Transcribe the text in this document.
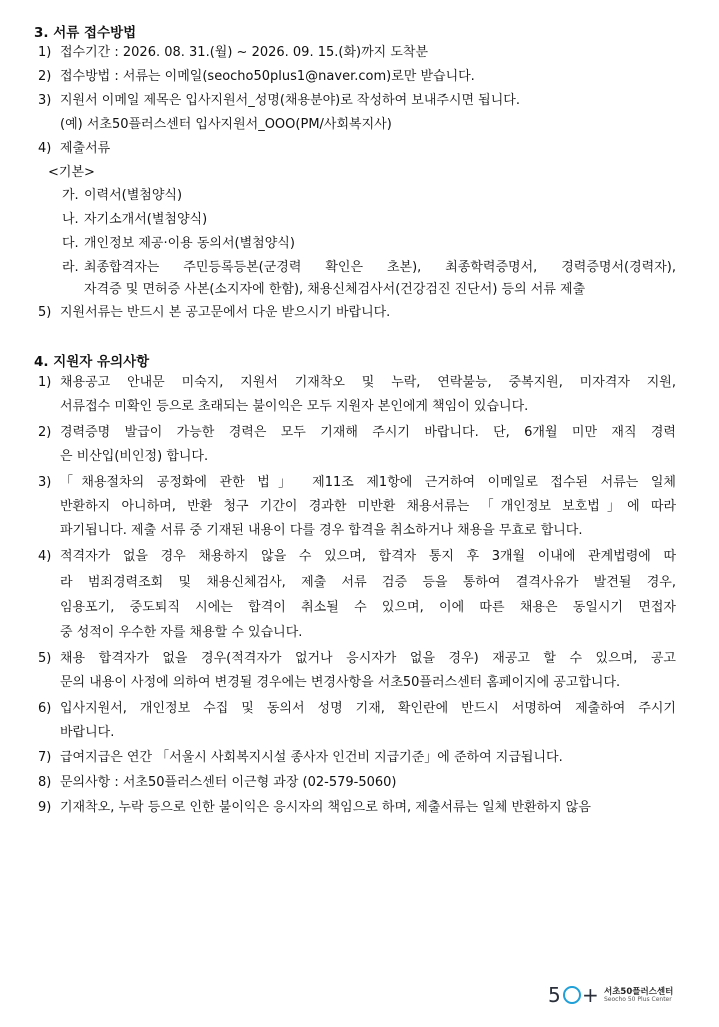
3. 서류 접수방법
1) 접수기간 : 2026. 08. 31.(월) ~ 2026. 09. 15.(화)까지 도착분
2) 접수방법 : 서류는 이메일(seocho50plus1@naver.com)로만 받습니다.
3) 지원서 이메일 제목은 입사지원서_성명(채용분야)로 작성하여 보내주시면 됩니다.
(예) 서초50플러스센터 입사지원서_OOO(PM/사회복지사)
4) 제출서류
<기본>
가. 이력서(별첨양식)
나. 자기소개서(별첨양식)
다. 개인정보 제공·이용 동의서(별첨양식)
라. 최종합격자는 주민등록등본(군경력 확인은 초본), 최종학력증명서, 경력증명서(경력자),
자격증 및 면허증 사본(소지자에 한함), 채용신체검사서(건강검진 진단서) 등의 서류 제출
5) 지원서류는 반드시 본 공고문에서 다운 받으시기 바랍니다.
4. 지원자 유의사항
1) 채용공고 안내문 미숙지, 지원서 기재착오 및 누락, 연락불능, 중복지원, 미자격자 지원,
서류접수 미확인 등으로 초래되는 불이익은 모두 지원자 본인에게 책임이 있습니다.
2) 경력증명 발급이 가능한 경력은 모두 기재해 주시기 바랍니다. 단, 6개월 미만 재직 경력
은 비산입(비인정) 합니다.
3) 「채용절차의 공정화에 관한 법」 제11조 제1항에 근거하여 이메일로 접수된 서류는 일체
반환하지 아니하며, 반환 청구 기간이 경과한 미반환 채용서류는 「개인정보 보호법」에 따라
파기됩니다. 제출 서류 중 기재된 내용이 다를 경우 합격을 취소하거나 채용을 무효로 합니다.
4) 적격자가 없을 경우 채용하지 않을 수 있으며, 합격자 통지 후 3개월 이내에 관계법령에 따
라 범죄경력조회 및 채용신체검사, 제출 서류 검증 등을 통하여 결격사유가 발견될 경우,
임용포기, 중도퇴직 시에는 합격이 취소될 수 있으며, 이에 따른 채용은 동일시기 면접자
중 성적이 우수한 자를 채용할 수 있습니다.
5) 채용 합격자가 없을 경우(적격자가 없거나 응시자가 없을 경우) 재공고 할 수 있으며, 공고
문의 내용이 사정에 의하여 변경될 경우에는 변경사항을 서초50플러스센터 홈페이지에 공고합니다.
6) 입사지원서, 개인정보 수집 및 동의서 성명 기재, 확인란에 반드시 서명하여 제출하여 주시기
바랍니다.
7) 급여지급은 연간 「서울시 사회복지시설 종사자 인건비 지급기준」에 준하여 지급됩니다.
8) 문의사항 : 서초50플러스센터 이근형 과장 (02-579-5060)
9) 기재착오, 누락 등으로 인한 불이익은 응시자의 책임으로 하며, 제출서류는 일체 반환하지 않음
5 + 서초50플러스센터
Seocho 50 Plus Center
